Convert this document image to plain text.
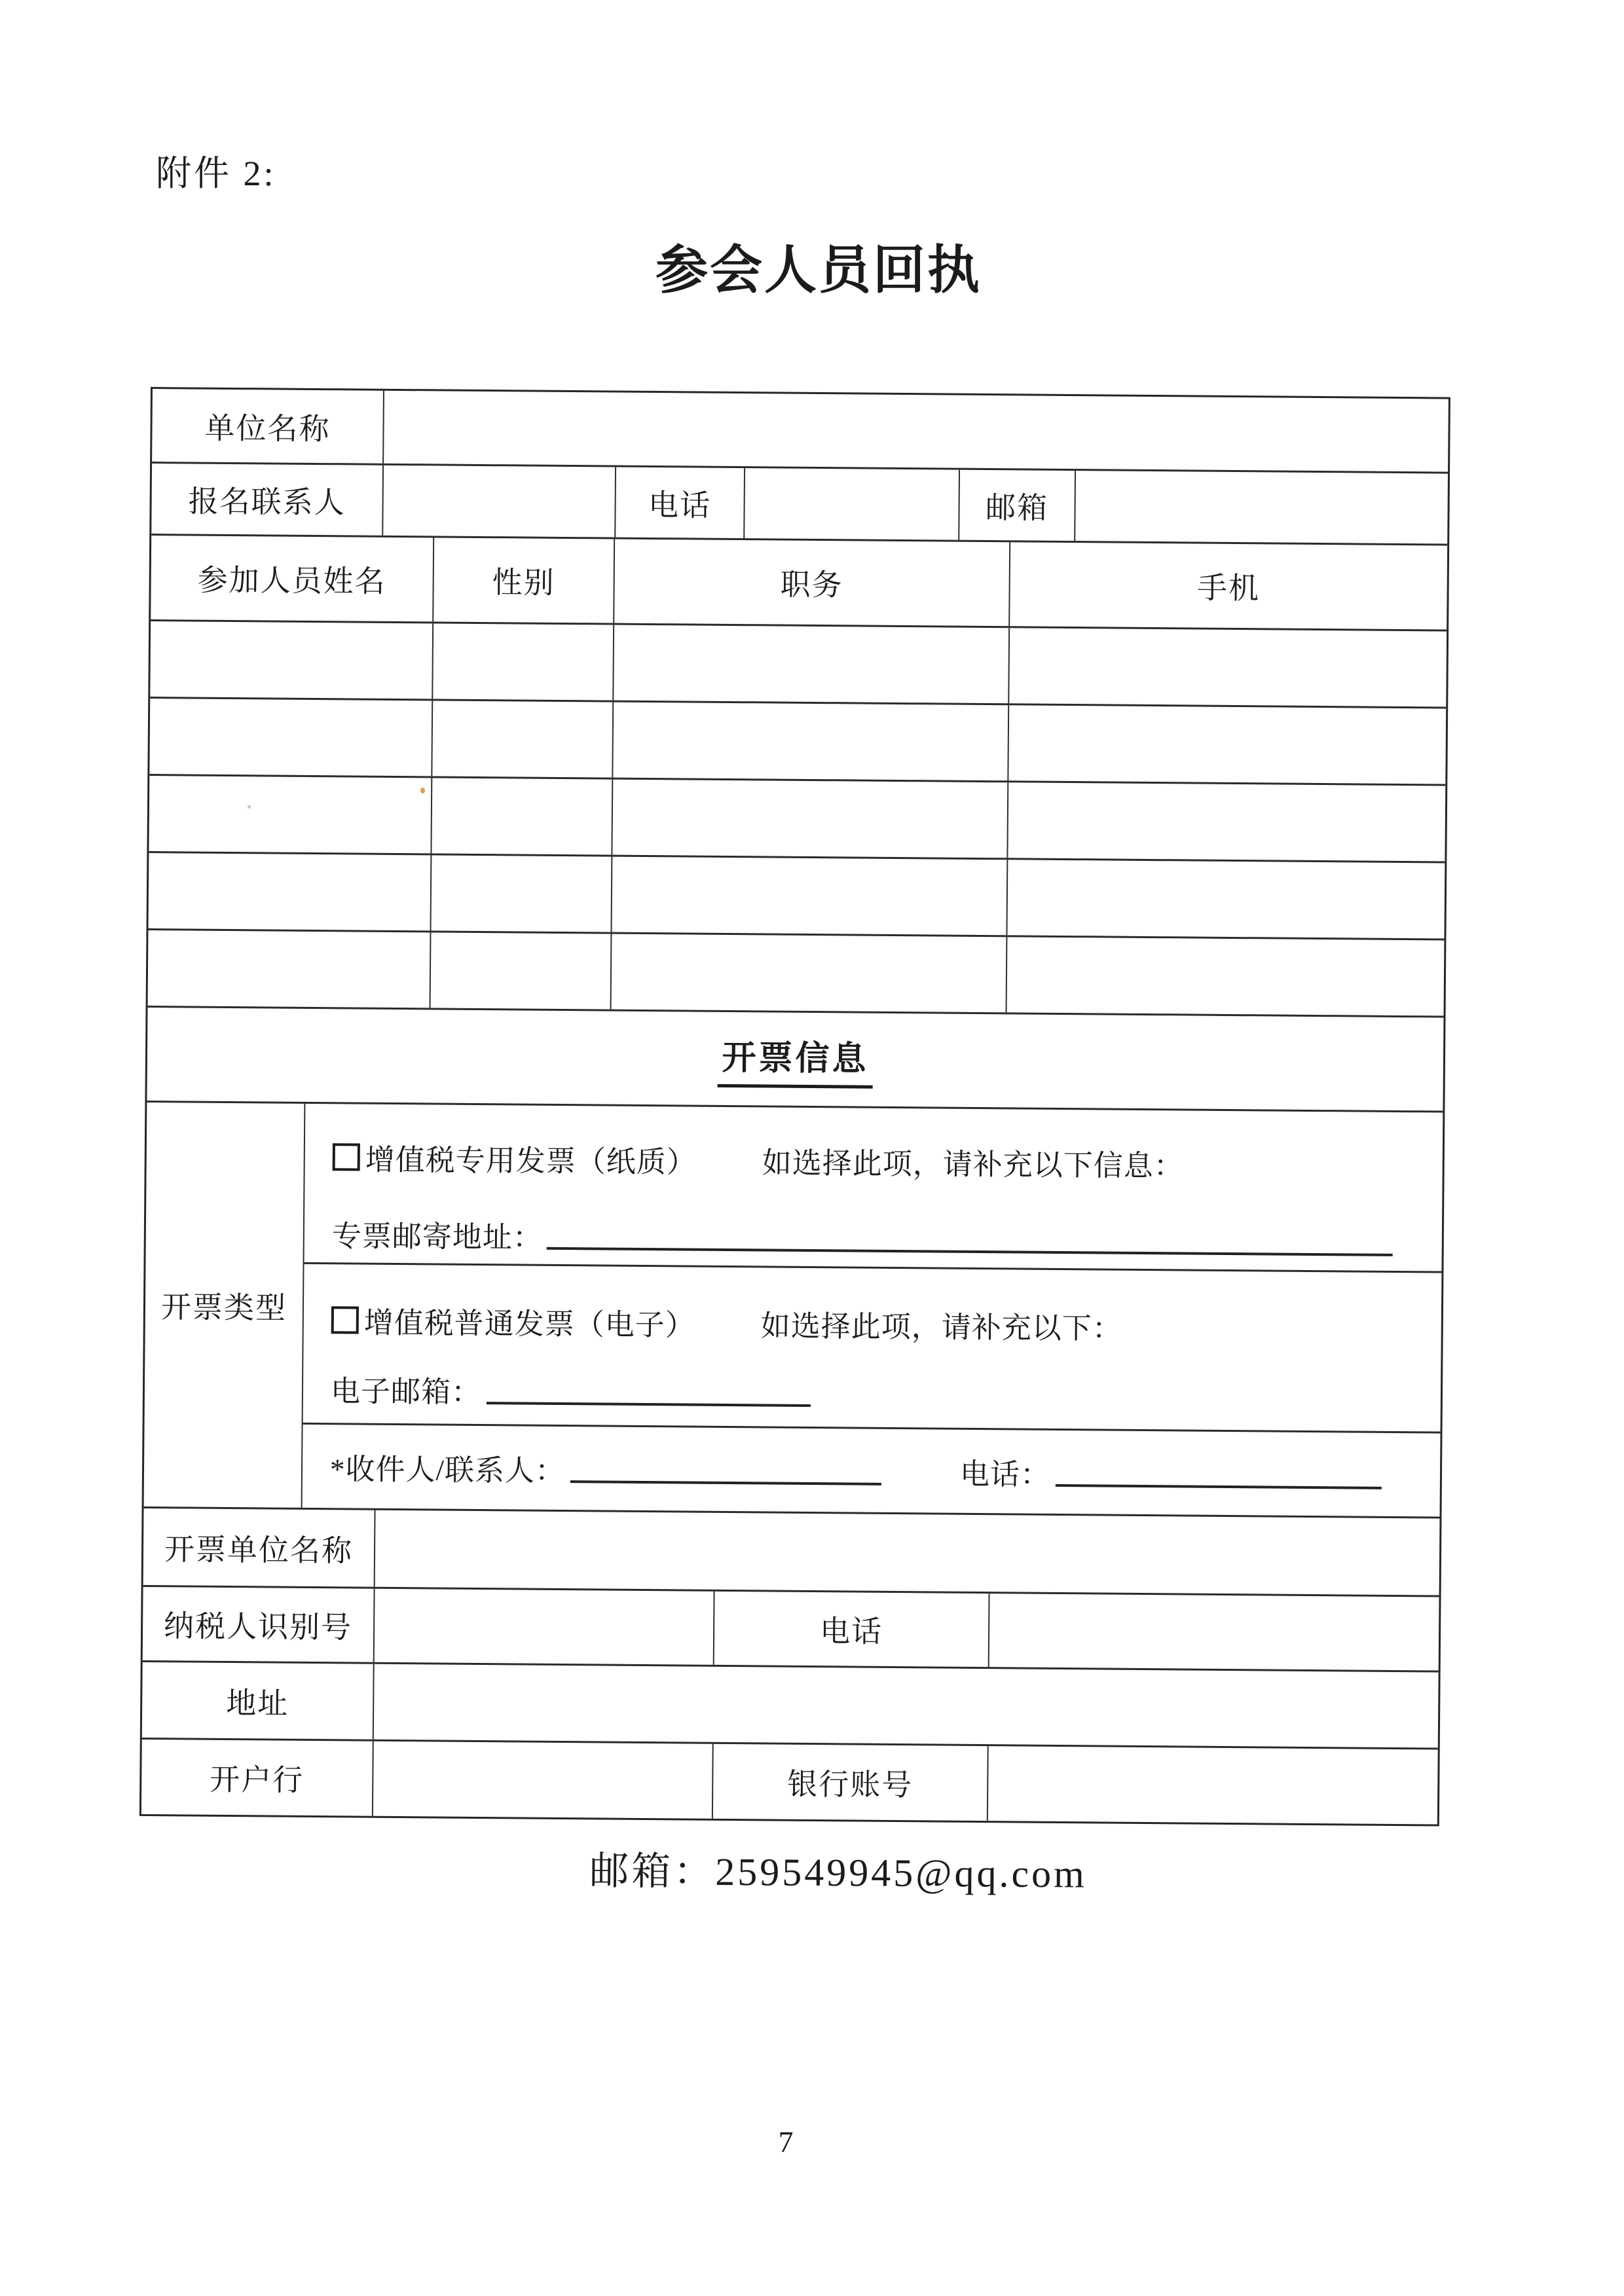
附件 2:
参会人员回执
单位名称
报名联系人	电话	邮箱
参加人员姓名	性别	职务	手机
开票信息
开票类型
增值税专用发票（纸质） 如选择此项，请补充以下信息：
专票邮寄地址：
增值税普通发票（电子） 如选择此项，请补充以下：
电子邮箱：
*收件人/联系人：	电话：
开票单位名称
纳税人识别号	电话
地址
开户行	银行账号
邮箱：259549945@qq.com
7
